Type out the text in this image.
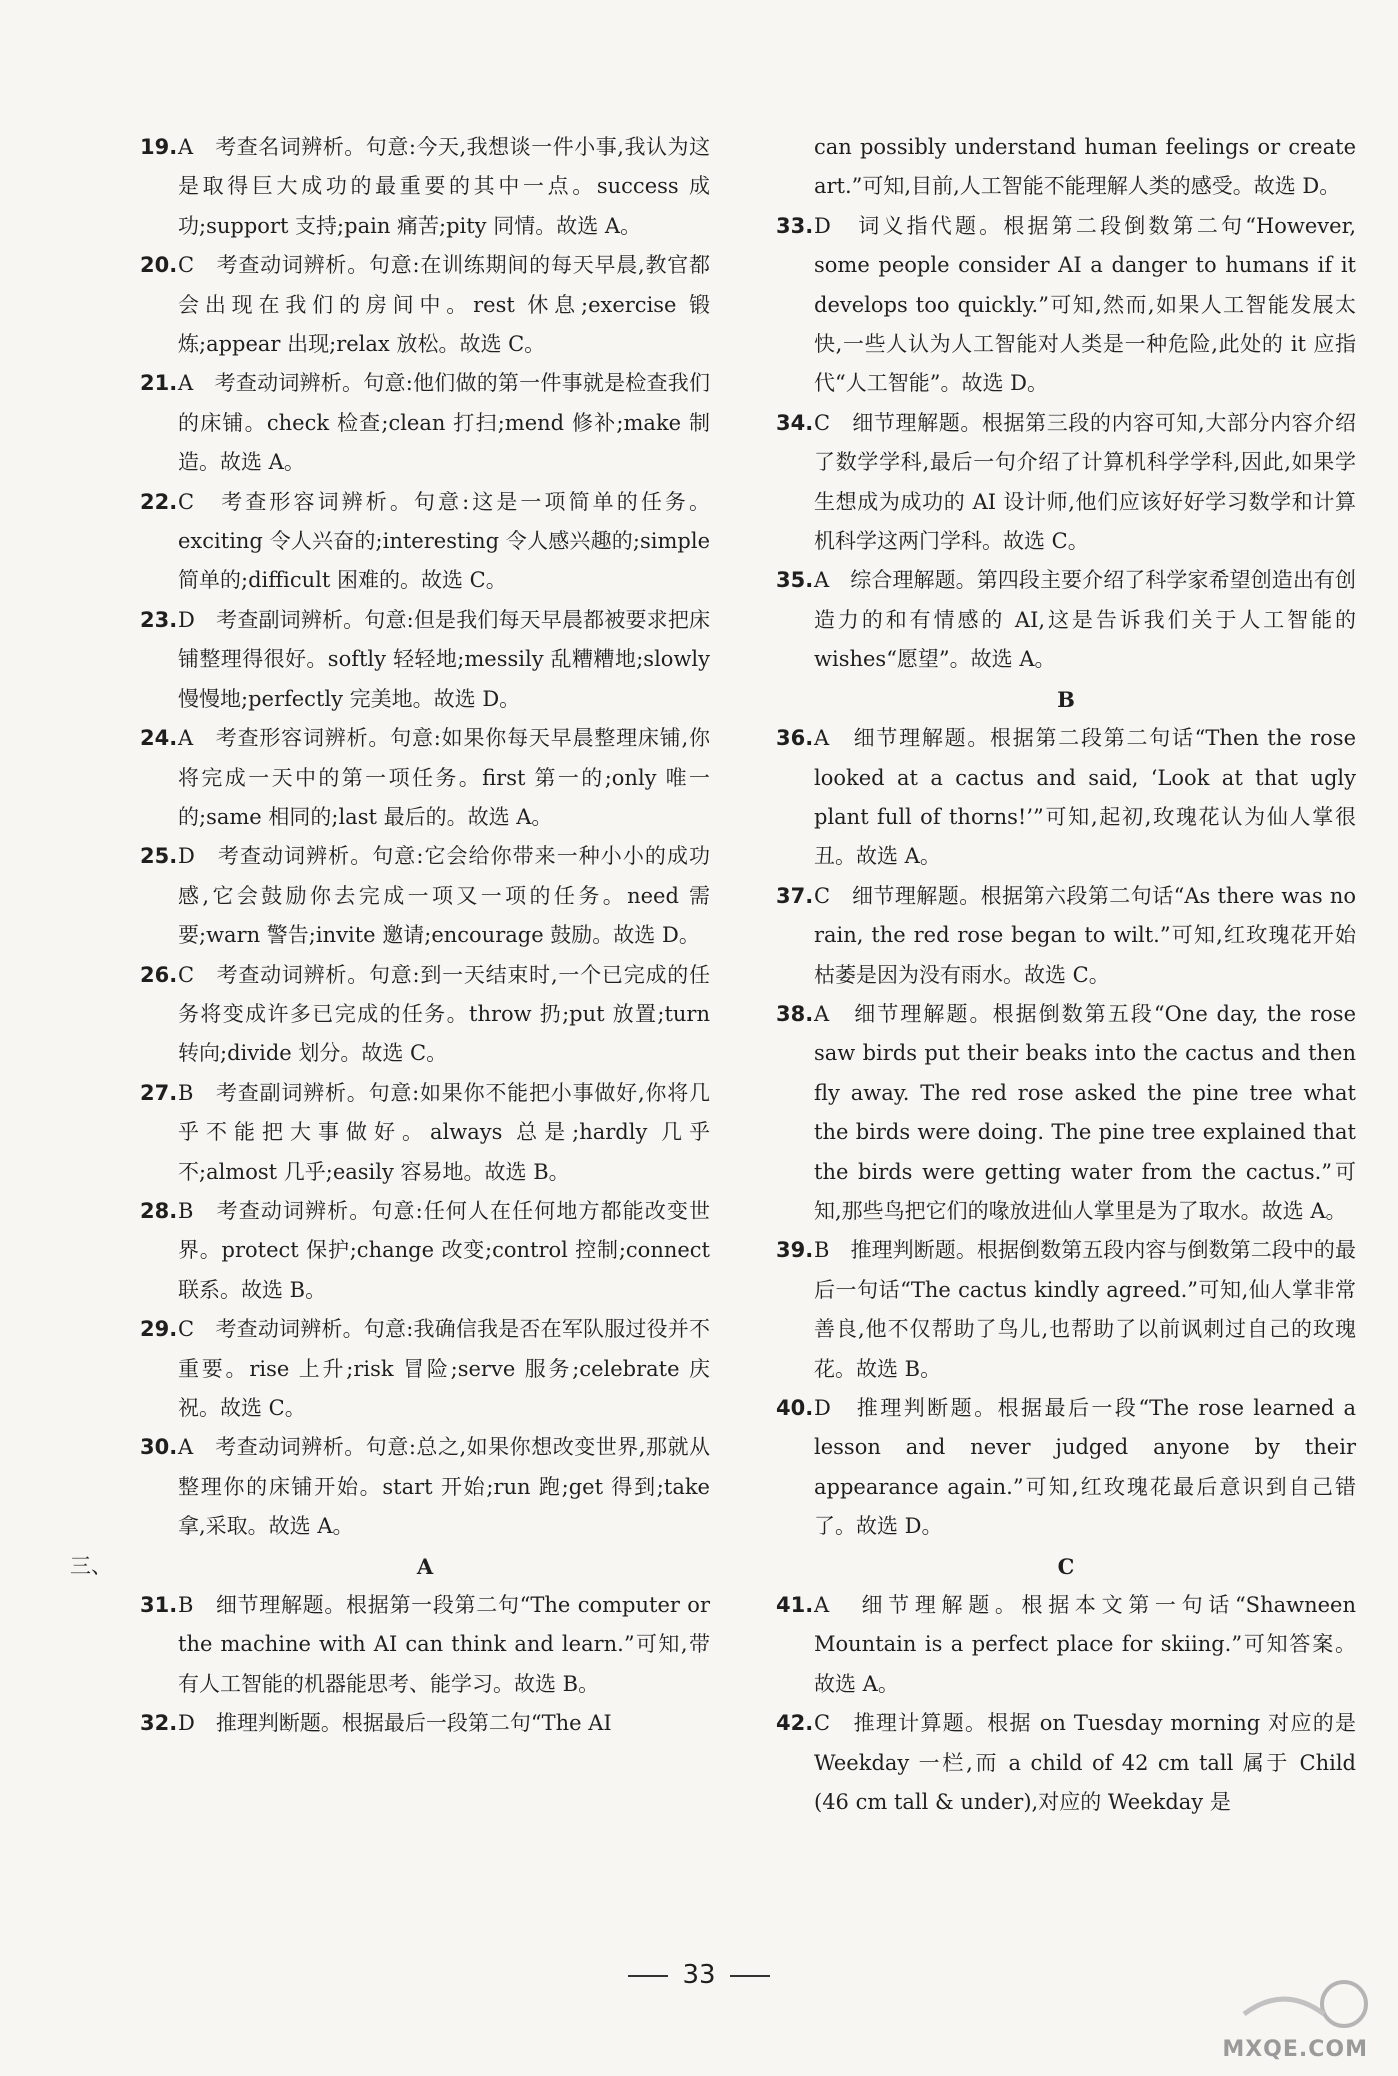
19. A　考查名词辨析。句意:今天,我想谈一件小事,我认为这是取得巨大成功的最重要的其中一点。success 成功;support 支持;pain 痛苦;pity 同情。故选 A。

20. C　考查动词辨析。句意:在训练期间的每天早晨,教官都会出现在我们的房间中。rest 休息;exercise 锻炼;appear 出现;relax 放松。故选 C。

21. A　考查动词辨析。句意:他们做的第一件事就是检查我们的床铺。check 检查;clean 打扫;mend 修补;make 制造。故选 A。

22. C　考查形容词辨析。句意:这是一项简单的任务。exciting 令人兴奋的;interesting 令人感兴趣的;simple 简单的;difficult 困难的。故选 C。

23. D　考查副词辨析。句意:但是我们每天早晨都被要求把床铺整理得很好。softly 轻轻地;messily 乱糟糟地;slowly 慢慢地;perfectly 完美地。故选 D。

24. A　考查形容词辨析。句意:如果你每天早晨整理床铺,你将完成一天中的第一项任务。first 第一的;only 唯一的;same 相同的;last 最后的。故选 A。

25. D　考查动词辨析。句意:它会给你带来一种小小的成功感,它会鼓励你去完成一项又一项的任务。need 需要;warn 警告;invite 邀请;encourage 鼓励。故选 D。

26. C　考查动词辨析。句意:到一天结束时,一个已完成的任务将变成许多已完成的任务。throw 扔;put 放置;turn 转向;divide 划分。故选 C。

27. B　考查副词辨析。句意:如果你不能把小事做好,你将几乎不能把大事做好。always 总是;hardly 几乎不;almost 几乎;easily 容易地。故选 B。

28. B　考查动词辨析。句意:任何人在任何地方都能改变世界。protect 保护;change 改变;control 控制;connect 联系。故选 B。

29. C　考查动词辨析。句意:我确信我是否在军队服过役并不重要。rise 上升;risk 冒险;serve 服务;celebrate 庆祝。故选 C。

30. A　考查动词辨析。句意:总之,如果你想改变世界,那就从整理你的床铺开始。start 开始;run 跑;get 得到;take 拿,采取。故选 A。

三、	A

31. B　细节理解题。根据第一段第二句“The computer or the machine with AI can think and learn.”可知,带有人工智能的机器能思考、能学习。故选 B。

32. D　推理判断题。根据最后一段第二句“The AI

can possibly understand human feelings or create art.”可知,目前,人工智能不能理解人类的感受。故选 D。

33. D　词义指代题。根据第二段倒数第二句“However, some people consider AI a danger to humans if it develops too quickly.”可知,然而,如果人工智能发展太快,一些人认为人工智能对人类是一种危险,此处的 it 应指代“人工智能”。故选 D。

34. C　细节理解题。根据第三段的内容可知,大部分内容介绍了数学学科,最后一句介绍了计算机科学学科,因此,如果学生想成为成功的 AI 设计师,他们应该好好学习数学和计算机科学这两门学科。故选 C。

35. A　综合理解题。第四段主要介绍了科学家希望创造出有创造力的和有情感的 AI,这是告诉我们关于人工智能的 wishes“愿望”。故选 A。

B

36. A　细节理解题。根据第二段第二句话“Then the rose looked at a cactus and said, ‘Look at that ugly plant full of thorns!’”可知,起初,玫瑰花认为仙人掌很丑。故选 A。

37. C　细节理解题。根据第六段第二句话“As there was no rain, the red rose began to wilt.”可知,红玫瑰花开始枯萎是因为没有雨水。故选 C。

38. A　细节理解题。根据倒数第五段“One day, the rose saw birds put their beaks into the cactus and then fly away. The red rose asked the pine tree what the birds were doing. The pine tree explained that the birds were getting water from the cactus.”可知,那些鸟把它们的喙放进仙人掌里是为了取水。故选 A。

39. B　推理判断题。根据倒数第五段内容与倒数第二段中的最后一句话“The cactus kindly agreed.”可知,仙人掌非常善良,他不仅帮助了鸟儿,也帮助了以前讽刺过自己的玫瑰花。故选 B。

40. D　推理判断题。根据最后一段“The rose learned a lesson and never judged anyone by their appearance again.”可知,红玫瑰花最后意识到自己错了。故选 D。

C

41. A　细节理解题。根据本文第一句话“Shawneen Mountain is a perfect place for skiing.”可知答案。故选 A。

42. C　推理计算题。根据 on Tuesday morning 对应的是 Weekday 一栏,而 a child of 42 cm tall 属于 Child (46 cm tall & under),对应的 Weekday 是

33
MXQE.COM
